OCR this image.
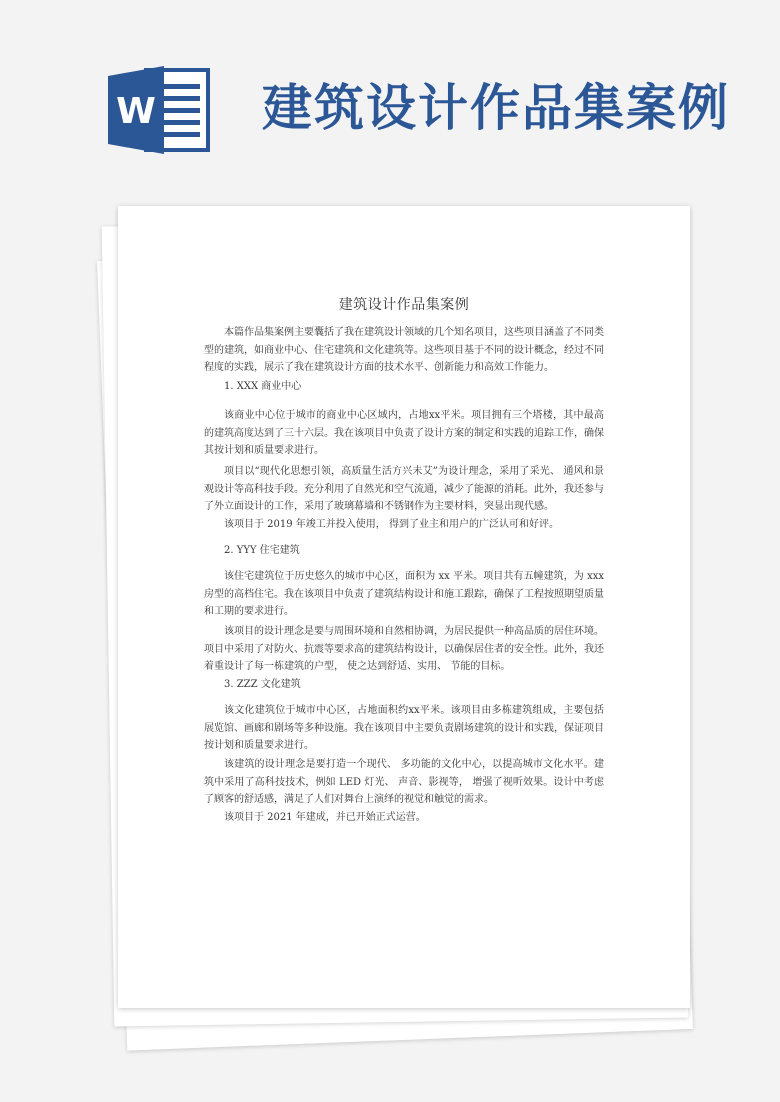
W 建筑设计作品集案例
建筑设计作品集案例

本篇作品集案例主要囊括了我在建筑设计领域的几个知名项目，这些项目涵盖了不同类型的建筑，如商业中心、住宅建筑和文化建筑等。这些项目基于不同的设计概念，经过不同程度的实践，展示了我在建筑设计方面的技术水平、创新能力和高效工作能力。

1. XXX 商业中心

该商业中心位于城市的商业中心区域内，占地xx平米。项目拥有三个塔楼，其中最高的建筑高度达到了三十六层。我在该项目中负责了设计方案的制定和实践的追踪工作，确保其按计划和质量要求进行。

项目以“现代化思想引领，高质量生活方兴未艾”为设计理念，采用了采光、 通风和景观设计等高科技手段。充分利用了自然光和空气流通，减少了能源的消耗。此外，我还参与了外立面设计的工作，采用了玻璃幕墙和不锈钢作为主要材料，突显出现代感。

该项目于 2019 年竣工并投入使用， 得到了业主和用户的广泛认可和好评。

2. YYY 住宅建筑

该住宅建筑位于历史悠久的城市中心区，面积为 xx 平米。项目共有五幢建筑，为 xxx 房型的高档住宅。我在该项目中负责了建筑结构设计和施工跟踪，确保了工程按照期望质量和工期的要求进行。

该项目的设计理念是要与周围环境和自然相协调，为居民提供一种高品质的居住环境。项目中采用了对防火、抗震等要求高的建筑结构设计，以确保居住者的安全性。此外，我还着重设计了每一栋建筑的户型， 使之达到舒适、实用、 节能的目标。

3. ZZZ 文化建筑

该文化建筑位于城市中心区，占地面积约xx平米。该项目由多栋建筑组成，主要包括展览馆、画廊和剧场等多种设施。我在该项目中主要负责剧场建筑的设计和实践，保证项目按计划和质量要求进行。

该建筑的设计理念是要打造一个现代、 多功能的文化中心，以提高城市文化水平。建筑中采用了高科技技术，例如 LED 灯光、 声音、影视等， 增强了视听效果。设计中考虑了顾客的舒适感，满足了人们对舞台上演绎的视觉和触觉的需求。

该项目于 2021 年建成，并已开始正式运营。
